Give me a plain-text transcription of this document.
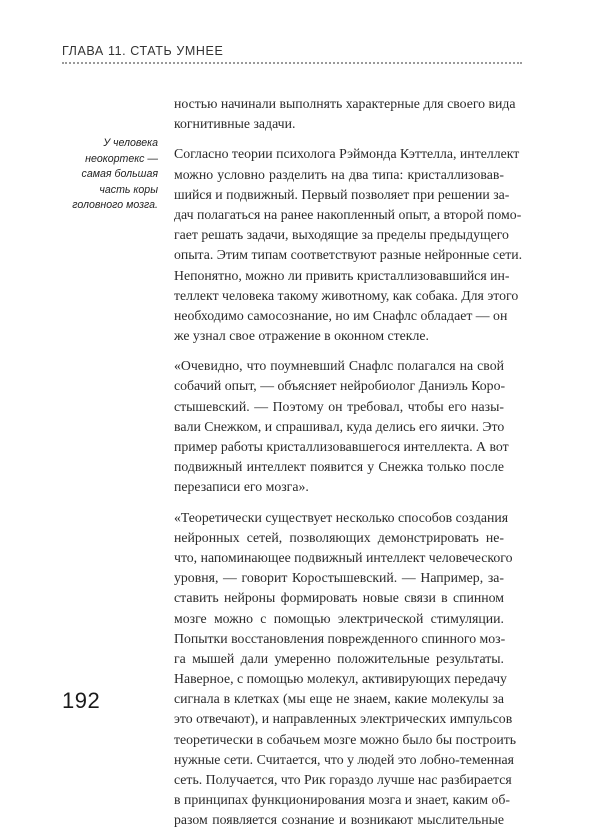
ГЛАВА 11. СТАТЬ УМНЕЕ
У человека
неокортекс —
самая большая
часть коры
головного мозга.
ностью начинали выполнять характерные для своего вида
когнитивные задачи.
Согласно теории психолога Рэймонда Кэттелла, интеллект
можно условно разделить на два типа: кристаллизовав-
шийся и подвижный. Первый позволяет при решении за-
дач полагаться на ранее накопленный опыт, а второй помо-
гает решать задачи, выходящие за пределы предыдущего
опыта. Этим типам соответствуют разные нейронные сети.
Непонятно, можно ли привить кристаллизовавшийся ин-
теллект человека такому животному, как собака. Для этого
необходимо самосознание, но им Снафлс обладает — он
же узнал свое отражение в оконном стекле.
«Очевидно, что поумневший Снафлс полагался на свой
собачий опыт, — объясняет нейробиолог Даниэль Коро-
стышевский. — Поэтому он требовал, чтобы его назы-
вали Снежком, и спрашивал, куда делись его яички. Это
пример работы кристаллизовавшегося интеллекта. А вот
подвижный интеллект появится у Снежка только после
перезаписи его мозга».
«Теоретически существует несколько способов создания
нейронных сетей, позволяющих демонстрировать не-
что, напоминающее подвижный интеллект человеческого
уровня, — говорит Коростышевский. — Например, за-
ставить нейроны формировать новые связи в спинном
мозге можно с помощью электрической стимуляции.
Попытки восстановления поврежденного спинного моз-
га мышей дали умеренно положительные результаты.
Наверное, с помощью молекул, активирующих передачу
сигнала в клетках (мы еще не знаем, какие молекулы за
это отвечают), и направленных электрических импульсов
теоретически в собачьем мозге можно было бы построить
нужные сети. Считается, что у людей это лобно-теменная
сеть. Получается, что Рик гораздо лучше нас разбирается
в принципах функционирования мозга и знает, каким об-
разом появляется сознание и возникают мыслительные
192
